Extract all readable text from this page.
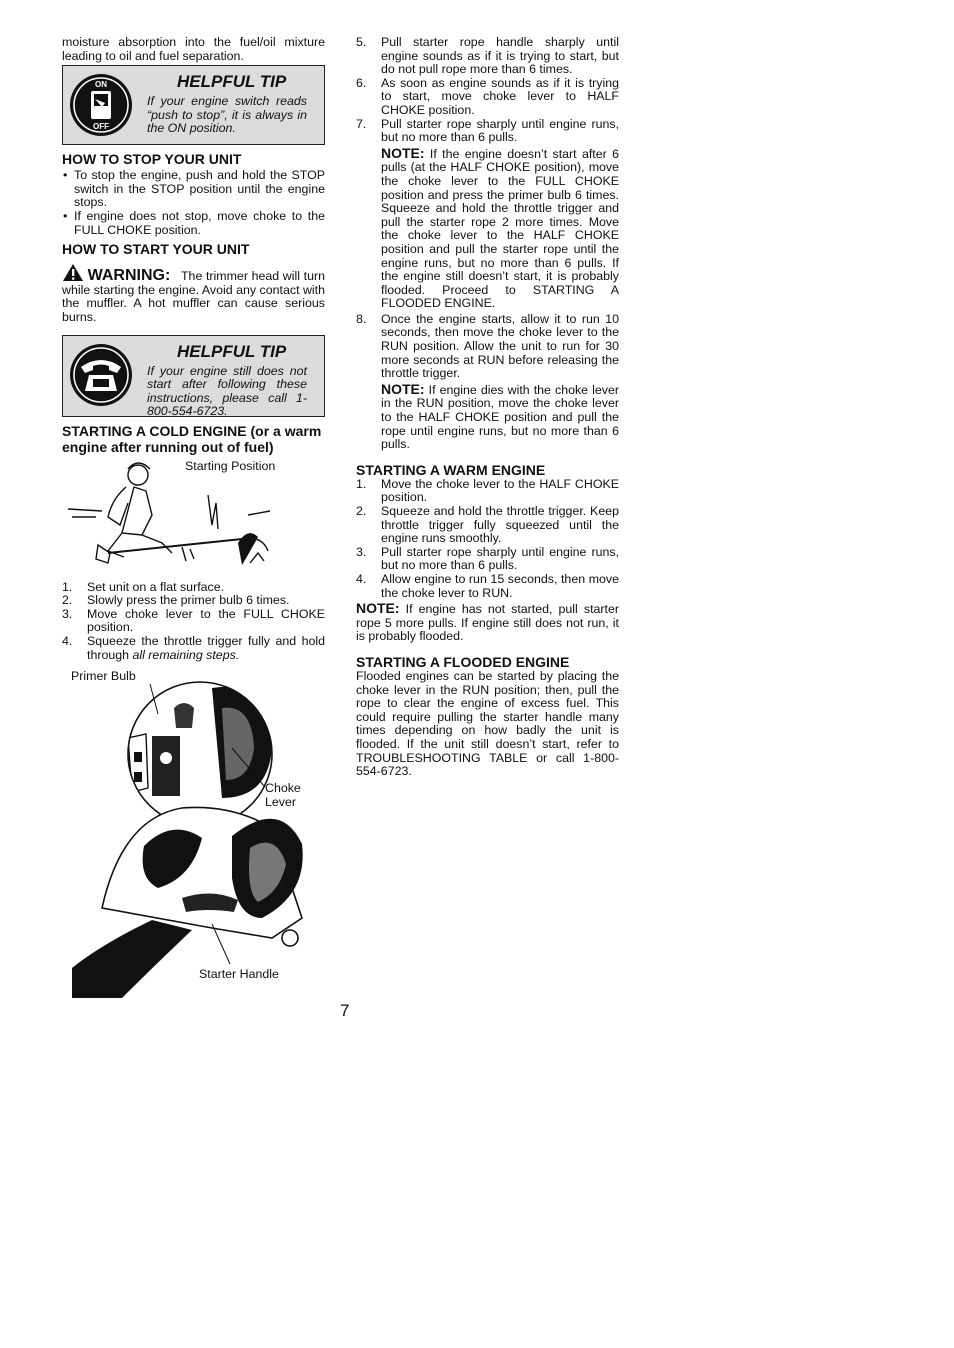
moisture absorption into the fuel/oil mixture leading to oil and fuel separation.

ON
OFF
HELPFUL TIP
If your engine switch reads “push to stop”, it is always in the ON position.
HOW TO STOP YOUR UNIT
• To stop the engine, push and hold the STOP switch in the STOP position until the engine stops.
• If engine does not stop, move choke to the FULL CHOKE position.
HOW TO START YOUR UNIT

WARNING: The trimmer head will turn while starting the engine. Avoid any contact with the muffler. A hot muffler can cause serious burns.

HELPFUL TIP
If your engine still does not start after following these instructions, please call 1-800-554-6723.
STARTING A COLD ENGINE (or a warm engine after running out of fuel)
Starting Position
1. Set unit on a flat surface.
2. Slowly press the primer bulb 6 times.
3. Move choke lever to the FULL CHOKE position.
4. Squeeze the throttle trigger fully and hold through all remaining steps.
Primer Bulb
Choke
Lever
Starter Handle
5. Pull starter rope handle sharply until engine sounds as if it is trying to start, but do not pull rope more than 6 times.
6. As soon as engine sounds as if it is trying to start, move choke lever to HALF CHOKE position.
7. Pull starter rope sharply until engine runs, but no more than 6 pulls.

NOTE: If the engine doesn’t start after 6 pulls (at the HALF CHOKE position), move the choke lever to the FULL CHOKE position and press the primer bulb 6 times. Squeeze and hold the throttle trigger and pull the starter rope 2 more times. Move the choke lever to the HALF CHOKE position and pull the starter rope until the engine runs, but no more than 6 pulls. If the engine still doesn’t start, it is probably flooded. Proceed to STARTING A FLOODED ENGINE.

8. Once the engine starts, allow it to run 10 seconds, then move the choke lever to the RUN position. Allow the unit to run for 30 more seconds at RUN before releasing the throttle trigger.

NOTE: If engine dies with the choke lever in the RUN position, move the choke lever to the HALF CHOKE position and pull the rope until engine runs, but no more than 6 pulls.

STARTING A WARM ENGINE
1. Move the choke lever to the HALF CHOKE position.
2. Squeeze and hold the throttle trigger. Keep throttle trigger fully squeezed until the engine runs smoothly.
3. Pull starter rope sharply until engine runs, but no more than 6 pulls.
4. Allow engine to run 15 seconds, then move the choke lever to RUN.

NOTE: If engine has not started, pull starter rope 5 more pulls. If engine still does not run, it is probably flooded.

STARTING A FLOODED ENGINE

Flooded engines can be started by placing the choke lever in the RUN position; then, pull the rope to clear the engine of excess fuel. This could require pulling the starter handle many times depending on how badly the unit is flooded. If the unit still doesn’t start, refer to TROUBLESHOOTING TABLE or call 1-800-554-6723.

7
